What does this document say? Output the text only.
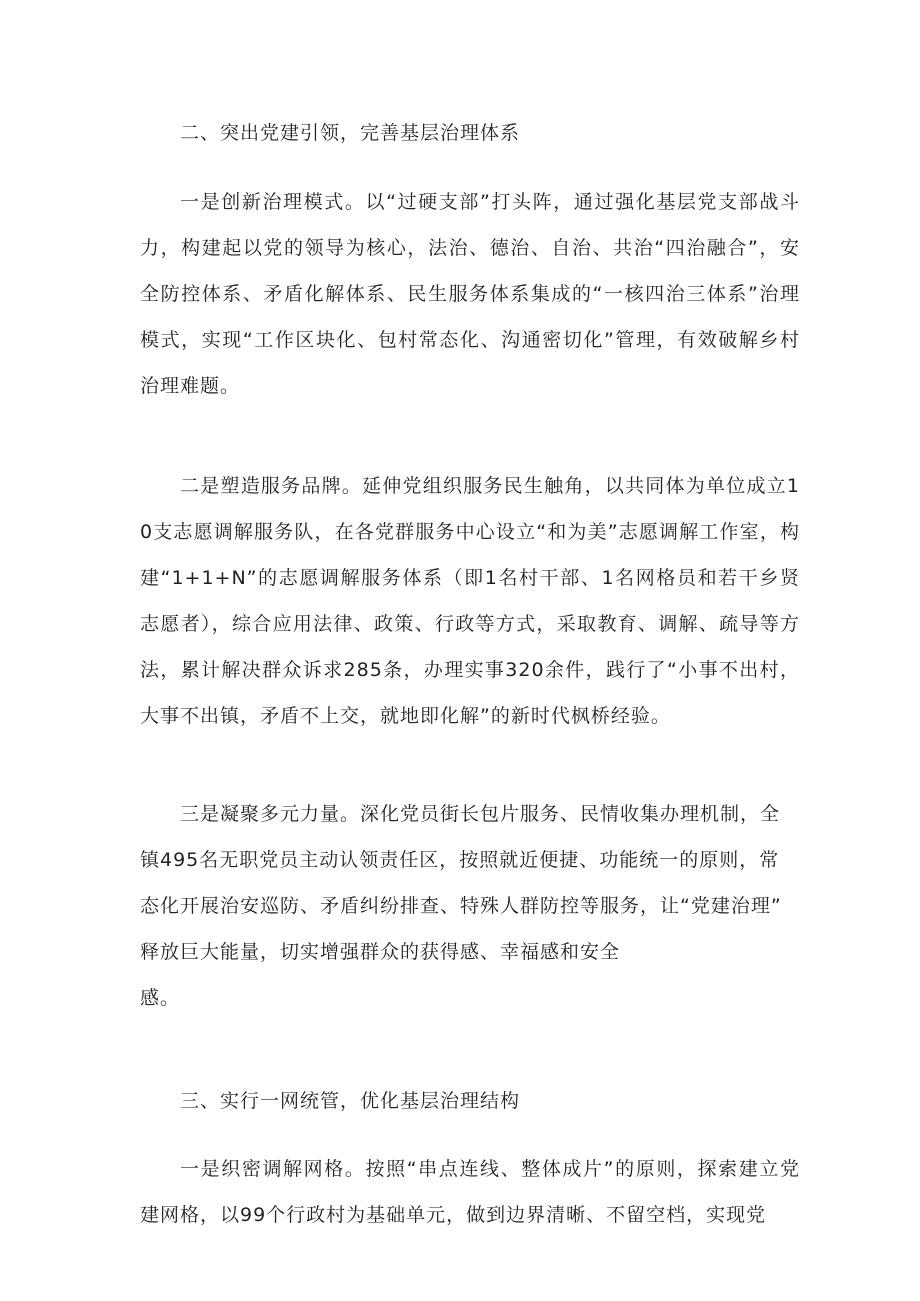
二、突出党建引领，完善基层治理体系

一是创新治理模式。以“过硬支部”打头阵，通过强化基层党支部战斗力，构建起以党的领导为核心，法治、德治、自治、共治“四治融合”，安全防控体系、矛盾化解体系、民生服务体系集成的“一核四治三体系”治理模式，实现“工作区块化、包村常态化、沟通密切化”管理，有效破解乡村治理难题。

二是塑造服务品牌。延伸党组织服务民生触角，以共同体为单位成立10支志愿调解服务队，在各党群服务中心设立“和为美”志愿调解工作室，构建“1+1+N”的志愿调解服务体系（即1名村干部、1名网格员和若干乡贤志愿者），综合应用法律、政策、行政等方式，采取教育、调解、疏导等方法，累计解决群众诉求285条，办理实事320余件，践行了“小事不出村，大事不出镇，矛盾不上交，就地即化解”的新时代枫桥经验。

三是凝聚多元力量。深化党员街长包片服务、民情收集办理机制，全
镇495名无职党员主动认领责任区，按照就近便捷、功能统一的原则，常
态化开展治安巡防、矛盾纠纷排查、特殊人群防控等服务，让“党建治理”
释放巨大能量，切实增强群众的获得感、幸福感和安全
感。

三、实行一网统管，优化基层治理结构

一是织密调解网格。按照“串点连线、整体成片”的原则，探索建立党建网格，以99个行政村为基础单元，做到边界清晰、不留空档，实现党
